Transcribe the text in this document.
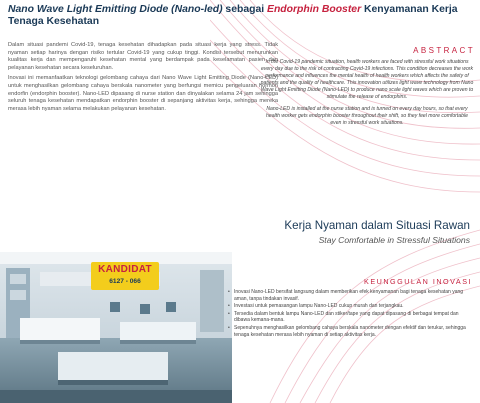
Nano Wave Light Emitting Diode (Nano-led) sebagai Endorphin Booster Kenyamanan Kerja Tenaga Kesehatan

Dalam situasi pandemi Covid-19, tenaga kesehatan dihadapkan pada situasi kerja yang stress. Tidak nyaman setiap harinya dengan risiko tertular Covid-19 yang cukup tinggi. Kondisi tersebut menurunkan kualitas kerja dan mempengaruhi kesehatan mental yang berdampak pada keselamatan pasien dan pelayanan kesehatan secara keseluruhan.

Inovasi ini memanfaatkan teknologi gelombang cahaya dari Nano Wave Light Emitting Diode (Nano-LED) untuk menghasilkan gelombang cahaya berskala nanometer yang berfungsi memicu pengeluaran hormon endorfin (endorphin booster). Nano-LED dipasang di nurse station dan dinyalakan selama 24 jam sehingga seluruh tenaga kesehatan mendapatkan endorphin booster di sepanjang aktivitas kerja, sehingga mereka merasa lebih nyaman selama melakukan pelayanan kesehatan.

ABSTRACT

In the Covid-19 pandemic situation, health workers are faced with stressful work situations every day due to the risk of contracting Covid-19 infections. This condition decreases the work performance and influences the mental health of health workers which affects the safety of patients and the quality of healthcare. This innovation utilizes light wave technology from Nano Wave Light Emitting Diode (Nano-LED) to produce nano scale light waves which are proven to stimulate the release of endorphins.

Nano-LED is installed at the nurse station and is turned on every day hours, so that every health worker gets endorphin booster throughout their shift, so they feel more comfortable even in stressful work situations.

Kerja Nyaman dalam Situasi Rawan
Stay Comfortable in Stressful Situations
KANDIDAT
6127 - 066	KEUNGGULAN INOVASI
• Inovasi Nano-LED bersifat langsung dalam memberikan efek kenyamanan bagi tenaga kesehatan yang aman, tanpa tindakan invasif.
• Investasi untuk pemasangan lampu Nano-LED cukup murah dan terjangkau.
• Tersedia dalam bentuk lampu Nano-LED dan stiker/tape yang dapat dipasang di berbagai tempat dan dibawa kemana-mana.
• Sepenuhnya menghasilkan gelombang cahaya berskala nanometer dengan efektif dan terukur, sehingga tenaga kesehatan merasa lebih nyaman di setiap aktivitas kerja.
